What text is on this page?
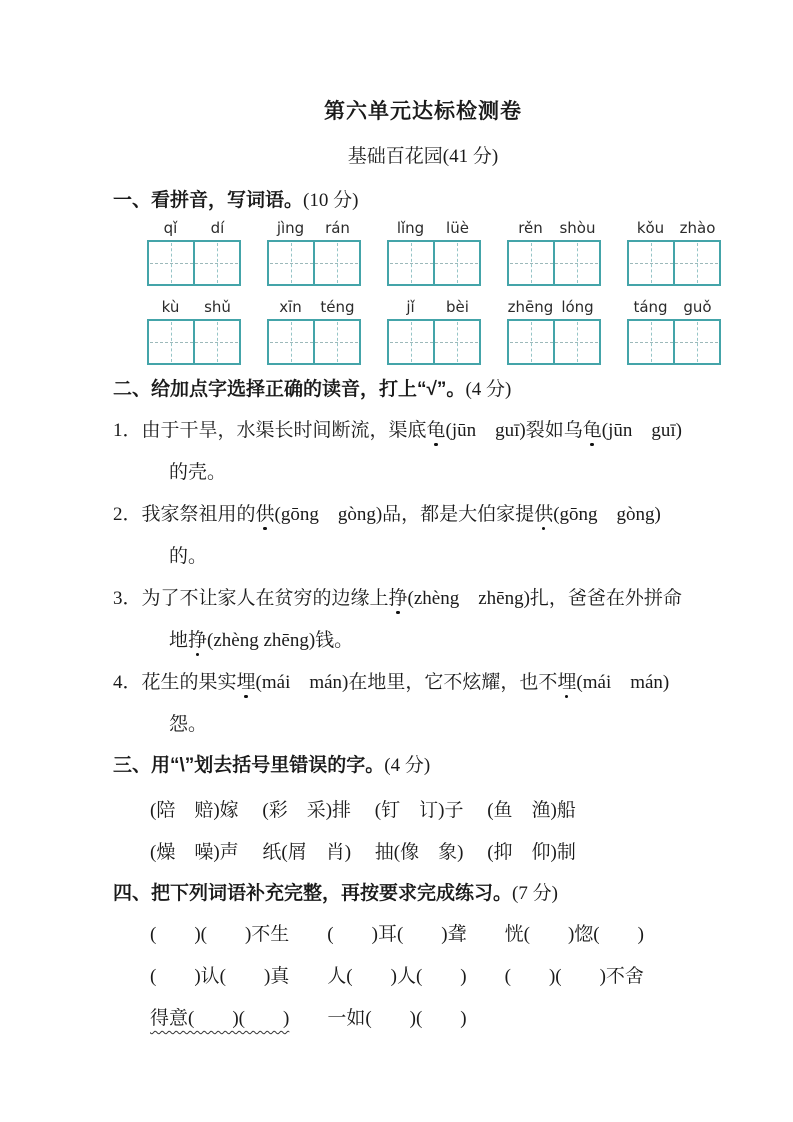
第六单元达标检测卷
基础百花园(41 分)
一、看拼音，写词语。(10 分)
qǐ	dí	jìng	rán	lǐng	lüè	rěn	shòu	kǒu	zhào
kù	shǔ	xīn	téng	jǐ	bèi	zhēng lóng	táng	guǒ
二、给加点字选择正确的读音，打上“√”。(4 分)

1．由于干旱，水渠长时间断流，渠底龟(jūn    guī)裂如乌龟(jūn    guī)

的壳。

2．我家祭祖用的供(gōng    gòng)品，都是大伯家提供(gōng    gòng)

的。

3．为了不让家人在贫穷的边缘上挣(zhèng    zhēng)扎，爸爸在外拼命

地挣(zhèng zhēng)钱。

4．花生的果实埋(mái    mán)在地里，它不炫耀，也不埋(mái    mán)

怨。

三、用“\”划去括号里错误的字。(4 分)

(陪　赔)嫁　 (彩　采)排　 (钉　订)子　 (鱼　渔)船

(燥　噪)声　 纸(屑　肖)　 抽(像　象)　 (抑　仰)制

四、把下列词语补充完整，再按要求完成练习。(7 分)

(　　)(　　)不生　　(　　)耳(　　)聋　　恍(　　)惚(　　)

(　　)认(　　)真　　人(　　)人(　　)　　(　　)(　　)不舍

得意(　　)(　　)　　一如(　　)(　　)
